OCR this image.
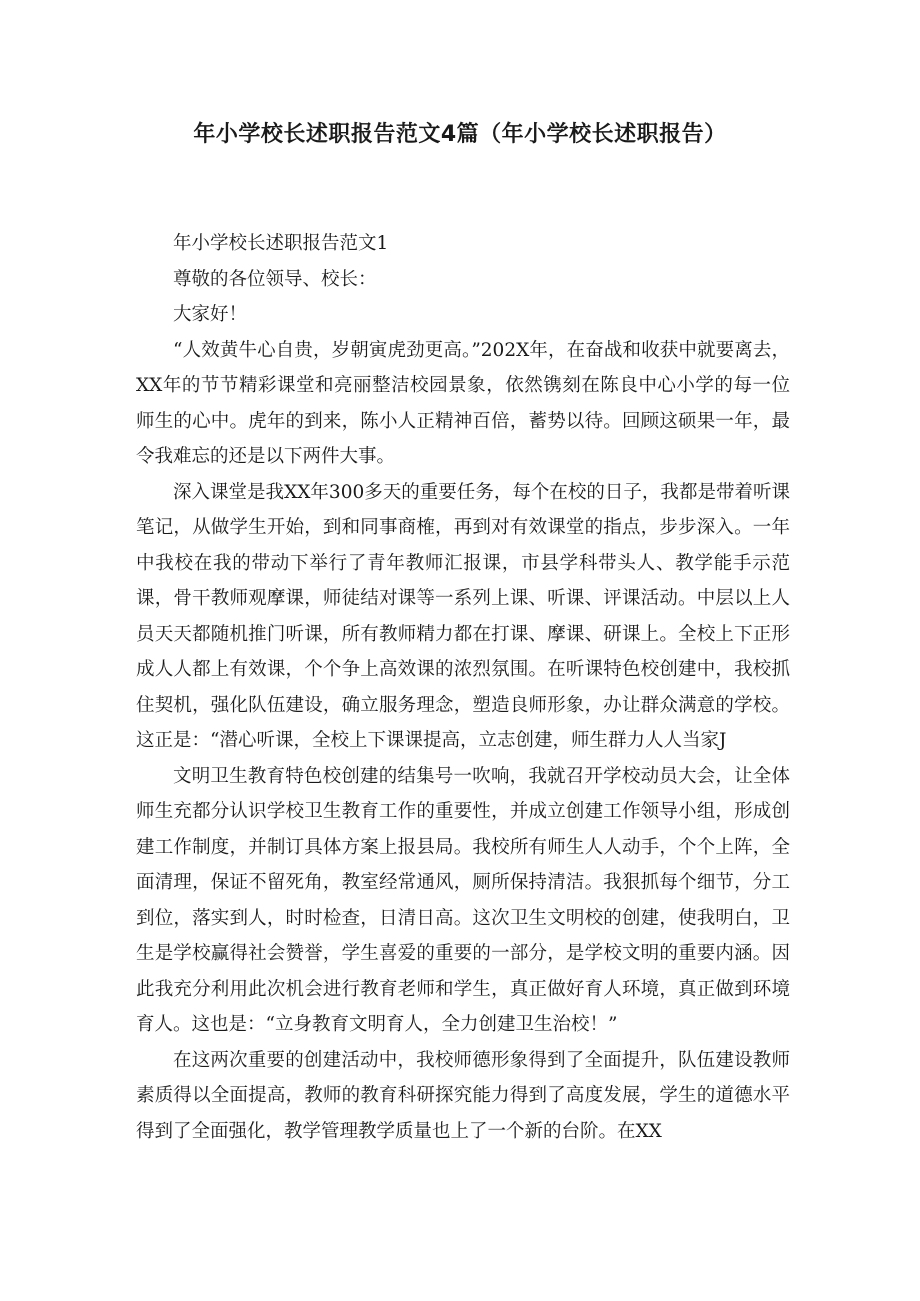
年小学校长述职报告范文4篇（年小学校长述职报告）

年小学校长述职报告范文1

尊敬的各位领导、校长：

大家好！

“人效黄牛心自贵，岁朝寅虎劲更高。”202X年，在奋战和收获中就要离去，XX年的节节精彩课堂和亮丽整洁校园景象，依然镌刻在陈良中心小学的每一位师生的心中。虎年的到来，陈小人正精神百倍，蓄势以待。回顾这硕果一年，最令我难忘的还是以下两件大事。

深入课堂是我XX年300多天的重要任务，每个在校的日子，我都是带着听课笔记，从做学生开始，到和同事商榷，再到对有效课堂的指点，步步深入。一年中我校在我的带动下举行了青年教师汇报课，市县学科带头人、教学能手示范课，骨干教师观摩课，师徒结对课等一系列上课、听课、评课活动。中层以上人员天天都随机推门听课，所有教师精力都在打课、摩课、研课上。全校上下正形成人人都上有效课，个个争上高效课的浓烈氛围。在听课特色校创建中，我校抓住契机，强化队伍建设，确立服务理念，塑造良师形象，办让群众满意的学校。这正是：“潜心听课，全校上下课课提高，立志创建，师生群力人人当家J

文明卫生教育特色校创建的结集号一吹响，我就召开学校动员大会，让全体师生充都分认识学校卫生教育工作的重要性，并成立创建工作领导小组，形成创建工作制度，并制订具体方案上报县局。我校所有师生人人动手，个个上阵，全面清理，保证不留死角，教室经常通风，厕所保持清洁。我狠抓每个细节，分工到位，落实到人，时时检查，日清日高。这次卫生文明校的创建，使我明白，卫生是学校赢得社会赞誉，学生喜爱的重要的一部分，是学校文明的重要内涵。因此我充分利用此次机会进行教育老师和学生，真正做好育人环境，真正做到环境育人。这也是：“立身教育文明育人，全力创建卫生治校！”

在这两次重要的创建活动中，我校师德形象得到了全面提升，队伍建设教师素质得以全面提高，教师的教育科研探究能力得到了高度发展，学生的道德水平得到了全面强化，教学管理教学质量也上了一个新的台阶。在XX
